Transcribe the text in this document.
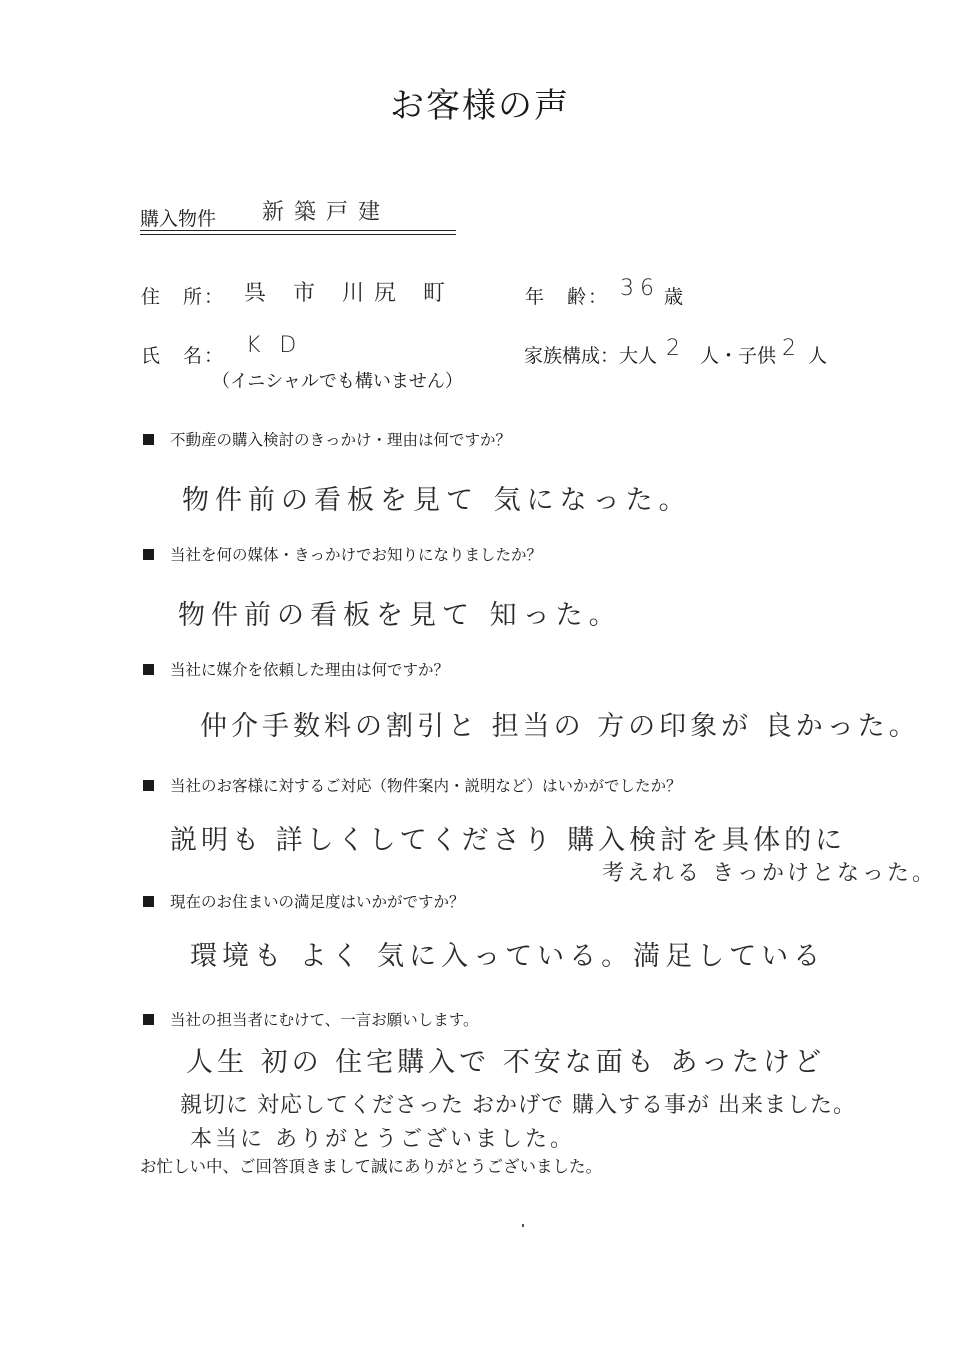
お客様の声
購入物件 新築戸建
住　所： 呉 市 川尻 町	年　齢： 36 歳
氏　名： K D
（イニシャルでも構いません）
家族構成： 大人 2 人・ 子供 2 人
不動産の購入検討のきっかけ・理由は何ですか？
物件前の看板を見て 気になった。
当社を何の媒体・きっかけでお知りになりましたか？
物件前の看板を見て 知った。
当社に媒介を依頼した理由は何ですか？
仲介手数料の割引と 担当の 方の印象が 良かった。
当社のお客様に対するご対応（物件案内・説明など）はいかがでしたか？
説明も 詳しくしてくださり 購入検討を具体的に
考えれる きっかけとなった。
現在のお住まいの満足度はいかがですか？
環境も よく 気に入っている。満足している
当社の担当者にむけて、一言お願いします。
人生 初の 住宅購入で 不安な面も あったけど
親切に 対応してくださった おかげで 購入する事が 出来ました。
本当に ありがとうございました。
お忙しい中、ご回答頂きまして誠にありがとうございました。
